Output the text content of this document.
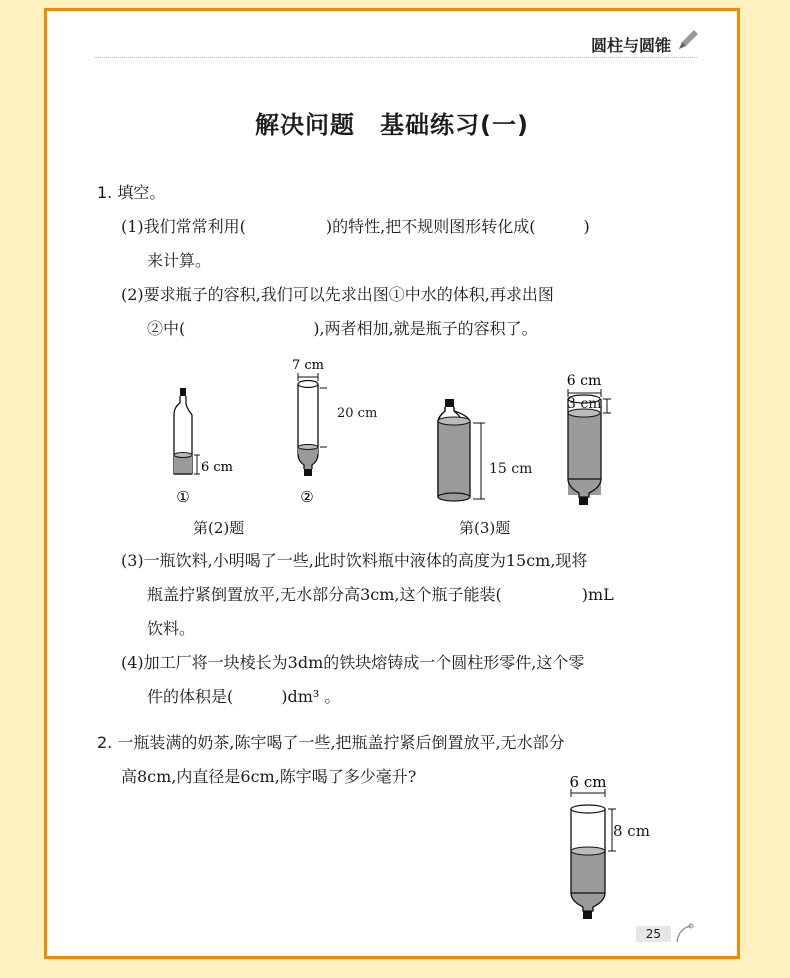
圆柱与圆锥
解决问题　基础练习(一)
1. 填空。
(1)我们常常利用(　　　　　)的特性,把不规则图形转化成(　　　)
来计算。
(2)要求瓶子的容积,我们可以先求出图①中水的体积,再求出图
②中(　　　　　　　　),两者相加,就是瓶子的容积了。
6 cm
①
7 cm
②
20 cm
6 cm
15 cm
3 cm
第(2)题	第(3)题
(3)一瓶饮料,小明喝了一些,此时饮料瓶中液体的高度为15cm,现将
瓶盖拧紧倒置放平,无水部分高3cm,这个瓶子能装(　　　　　)mL
饮料。
(4)加工厂将一块棱长为3dm的铁块熔铸成一个圆柱形零件,这个零
件的体积是(　　　)dm³ 。
2. 一瓶装满的奶茶,陈宇喝了一些,把瓶盖拧紧后倒置放平,无水部分
高8cm,内直径是6cm,陈宇喝了多少毫升?	6 cm
8 cm
25
